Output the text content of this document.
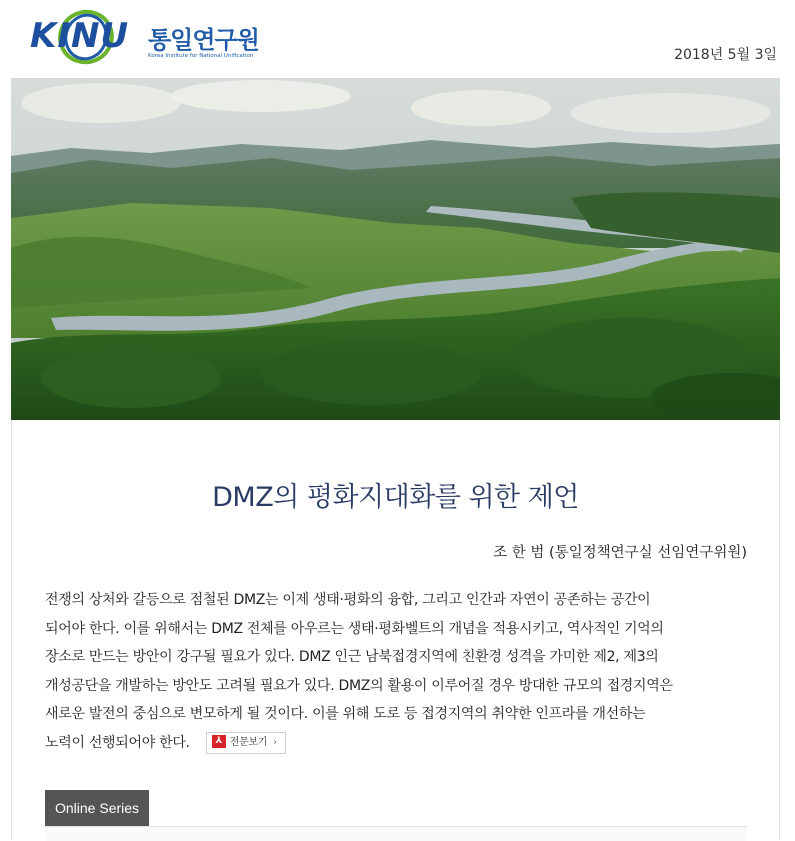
KINU 통일연구원
Korea Institute for National Unification	2018년 5월 3일
DMZ의 평화지대화를 위한 제언
조 한 범 (통일정책연구실 선임연구위원)

전쟁의 상처와 갈등으로 점철된 DMZ는 이제 생태·평화의 융합, 그리고 인간과 자연이 공존하는 공간이

되어야 한다. 이를 위해서는 DMZ 전체를 아우르는 생태·평화벨트의 개념을 적용시키고, 역사적인 기억의

장소로 만드는 방안이 강구될 필요가 있다. DMZ 인근 남북접경지역에 친환경 성격을 가미한 제2, 제3의

개성공단을 개발하는 방안도 고려될 필요가 있다. DMZ의 활용이 이루어질 경우 방대한 규모의 접경지역은

새로운 발전의 중심으로 변모하게 될 것이다. 이를 위해 도로 등 접경지역의 취약한 인프라를 개선하는

노력이 선행되어야 한다.	⅄ 전문보기 ›

Online Series
